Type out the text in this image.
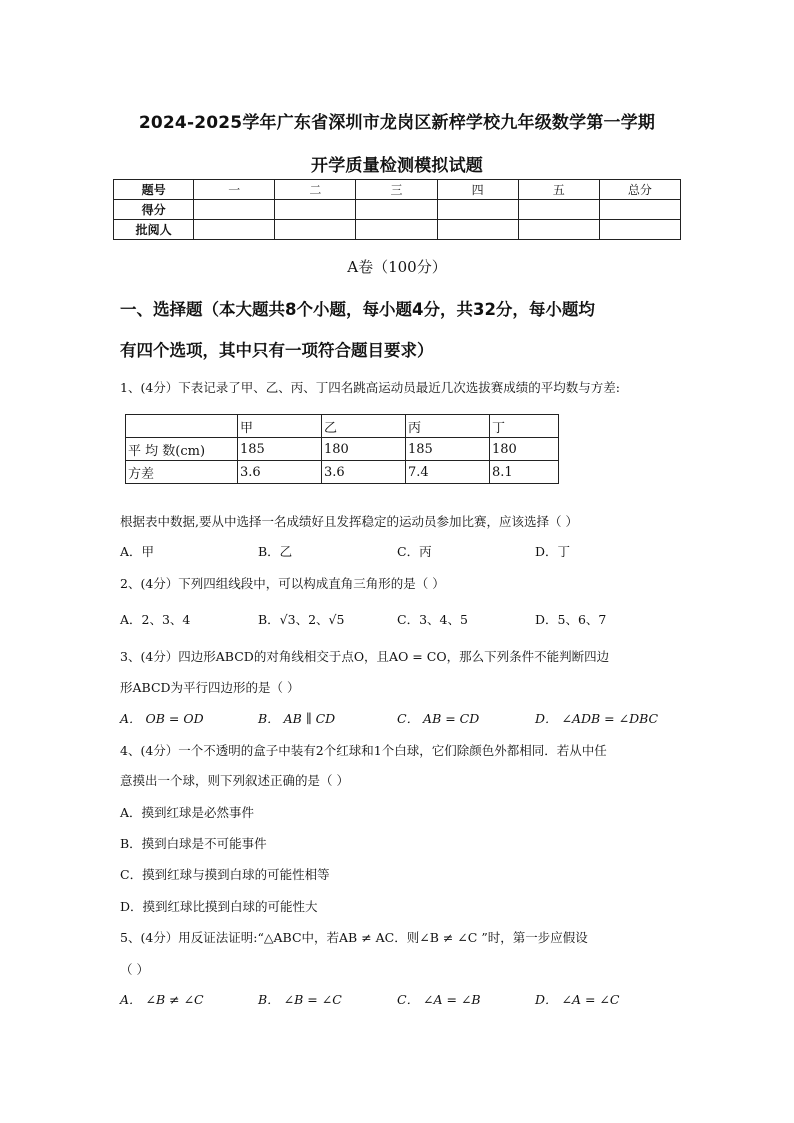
2024-2025学年广东省深圳市龙岗区新梓学校九年级数学第一学期
开学质量检测模拟试题
题号	一	二	三	四	五	总分
得分						
批阅人						
A卷（100分）
一、选择题（本大题共8个小题，每小题4分，共32分，每小题均
有四个选项，其中只有一项符合题目要求）
1、(4分）下表记录了甲、乙、丙、丁四名跳高运动员最近几次选拔赛成绩的平均数与方差:
	甲	乙	丙	丁
平 均 数(cm)	185	180	185	180
方差	3.6	3.6	7.4	8.1
根据表中数据,要从中选择一名成绩好且发挥稳定的运动员参加比赛，应该选择（ ）
A．甲	B．乙	C．丙	D．丁
2、(4分）下列四组线段中，可以构成直角三角形的是（ ）
A．2、3、4	B．√3、2、√5	C．3、4、5	D．5、6、7
3、(4分）四边形ABCD的对角线相交于点O，且AO = CO，那么下列条件不能判断四边
形ABCD为平行四边形的是（ ）
A． OB = OD	B． AB ∥ CD	C． AB = CD	D． ∠ADB = ∠DBC
4、(4分）一个不透明的盒子中装有2个红球和1个白球，它们除颜色外都相同．若从中任
意摸出一个球，则下列叙述正确的是（ ）
A．摸到红球是必然事件
B．摸到白球是不可能事件
C．摸到红球与摸到白球的可能性相等
D．摸到红球比摸到白球的可能性大
5、(4分）用反证法证明:“△ABC中，若AB ≠ AC．则∠B ≠ ∠C ”时，第一步应假设
（ ）
A． ∠B ≠ ∠C	B． ∠B = ∠C	C． ∠A = ∠B	D． ∠A = ∠C
